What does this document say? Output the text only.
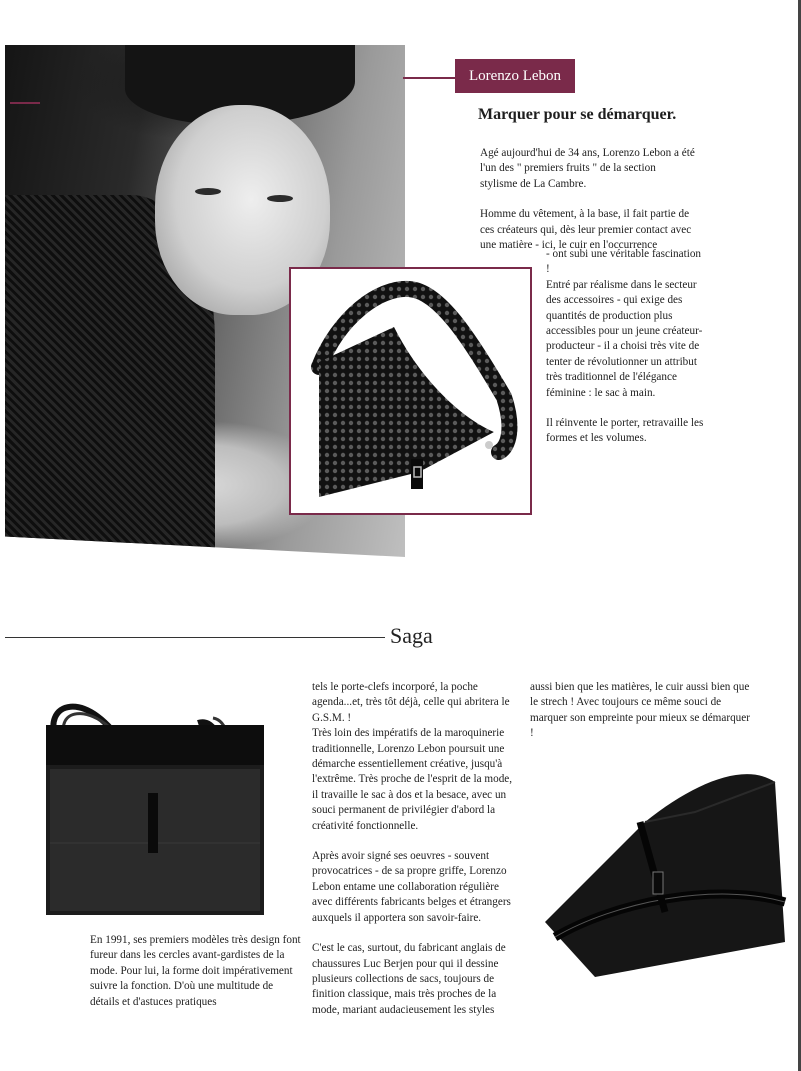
Lorenzo Lebon
Marquer pour se démarquer.

Agé aujourd'hui de 34 ans, Lorenzo Lebon a été l'un des " premiers fruits " de la section stylisme de La Cambre.

Homme du vêtement, à la base, il fait partie de ces créateurs qui, dès leur premier contact avec une matière - ici, le cuir en l'occurrence

- ont subi une véritable fascination !

Entré par réalisme dans le secteur des accessoires - qui exige des quantités de production plus accessibles pour un jeune créateur-producteur - il a choisi très vite de tenter de révolutionner un attribut très traditionnel de l'élégance féminine : le sac à main.

Il réinvente le porter, retravaille les formes et les volumes.

Saga

En 1991, ses premiers modèles très design font fureur dans les cercles avant-gardistes de la mode. Pour lui, la forme doit impérativement suivre la fonction. D'où une multitude de détails et d'astuces pratiques

tels le porte-clefs incorporé, la poche agenda...et, très tôt déjà, celle qui abritera le G.S.M. !

Très loin des impératifs de la maroquinerie traditionnelle, Lorenzo Lebon poursuit une démarche essentiellement créative, jusqu'à l'extrême. Très proche de l'esprit de la mode, il travaille le sac à dos et la besace, avec un souci permanent de privilégier d'abord la créativité fonctionnelle.

Après avoir signé ses oeuvres - souvent provocatrices - de sa propre griffe, Lorenzo Lebon entame une collaboration régulière avec différents fabricants belges et étrangers auxquels il apportera son savoir-faire.

C'est le cas, surtout, du fabricant anglais de chaussures Luc Berjen pour qui il dessine plusieurs collections de sacs, toujours de finition classique, mais très proches de la mode, mariant audacieusement les styles

aussi bien que les matières, le cuir aussi bien que le strech ! Avec toujours ce même souci de marquer son empreinte pour mieux se démarquer !
